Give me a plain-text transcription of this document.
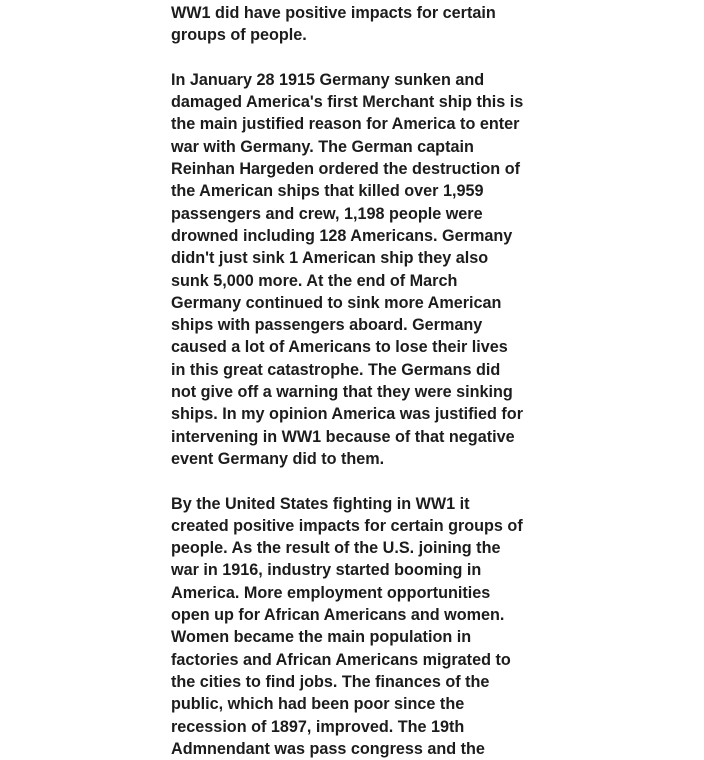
WW1 did have positive impacts for certain
groups of people.
In January 28 1915 Germany sunken and
damaged America's first Merchant ship this is
the main justified reason for America to enter
war with Germany. The German captain
Reinhan Hargeden ordered the destruction of
the American ships that killed over 1,959
passengers and crew, 1,198 people were
drowned including 128 Americans. Germany
didn't just sink 1 American ship they also
sunk 5,000 more. At the end of March
Germany continued to sink more American
ships with passengers aboard. Germany
caused a lot of Americans to lose their lives
in this great catastrophe. The Germans did
not give off a warning that they were sinking
ships. In my opinion America was justified for
intervening in WW1 because of that negative
event Germany did to them.
By the United States fighting in WW1 it
created positive impacts for certain groups of
people. As the result of the U.S. joining the
war in 1916, industry started booming in
America. More employment opportunities
open up for African Americans and women.
Women became the main population in
factories and African Americans migrated to
the cities to find jobs. The finances of the
public, which had been poor since the
recession of 1897, improved. The 19th
Admnendant was pass congress and the
